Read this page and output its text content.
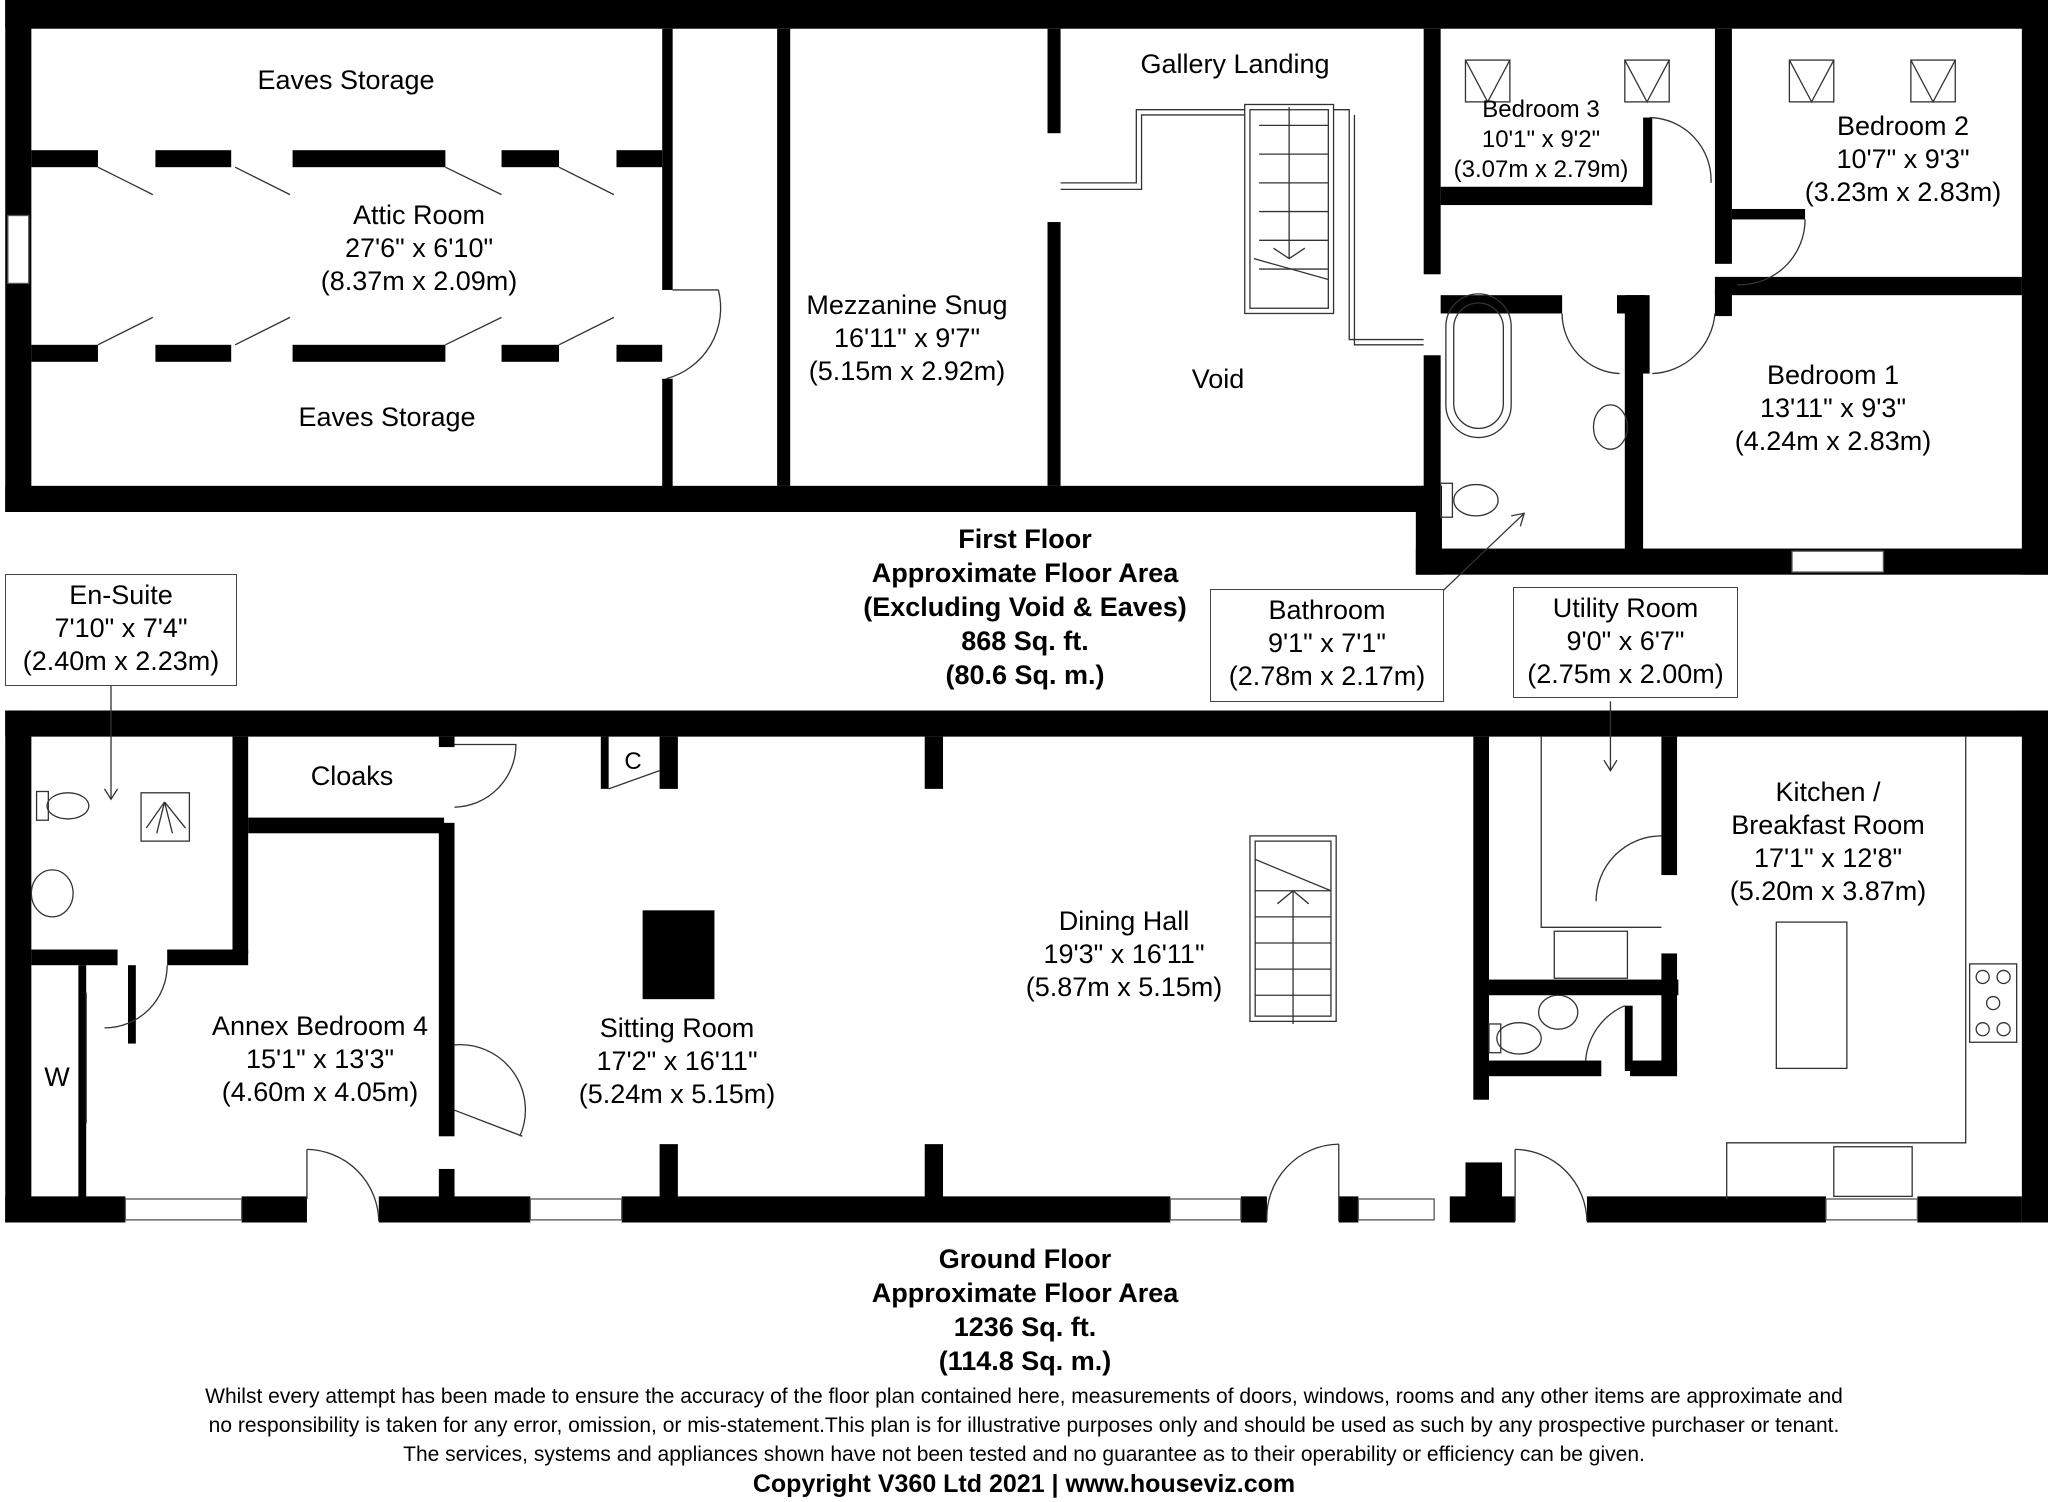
Eaves Storage
Attic Room
27'6" x 6'10"
(8.37m x 2.09m)
Eaves Storage
Mezzanine Snug
16'11" x 9'7"
(5.15m x 2.92m)
Gallery Landing
Void
Bedroom 3
10'1" x 9'2"
(3.07m x 2.79m)
Bedroom 2
10'7" x 9'3"
(3.23m x 2.83m)
Bedroom 1
13'11" x 9'3"
(4.24m x 2.83m)
Bathroom
9'1" x 7'1"
(2.78m x 2.17m)
First Floor
Approximate Floor Area
(Excluding Void & Eaves)
868 Sq. ft.
(80.6 Sq. m.)
En-Suite
7'10" x 7'4"
(2.40m x 2.23m)
Cloaks
Annex Bedroom 4
15'1" x 13'3"
(4.60m x 4.05m)
W
C
Sitting Room
17'2" x 16'11"
(5.24m x 5.15m)
Dining Hall
19'3" x 16'11"
(5.87m x 5.15m)
Utility Room
9'0" x 6'7"
(2.75m x 2.00m)
Kitchen /
Breakfast Room
17'1" x 12'8"
(5.20m x 3.87m)
Ground Floor
Approximate Floor Area
1236 Sq. ft.
(114.8 Sq. m.)
Whilst every attempt has been made to ensure the accuracy of the floor plan contained here, measurements of doors, windows, rooms and any other items are approximate and
no responsibility is taken for any error, omission, or mis-statement.This plan is for illustrative purposes only and should be used as such by any prospective purchaser or tenant.
The services, systems and appliances shown have not been tested and no guarantee as to their operability or efficiency can be given.
Copyright V360 Ltd 2021 | www.houseviz.com
